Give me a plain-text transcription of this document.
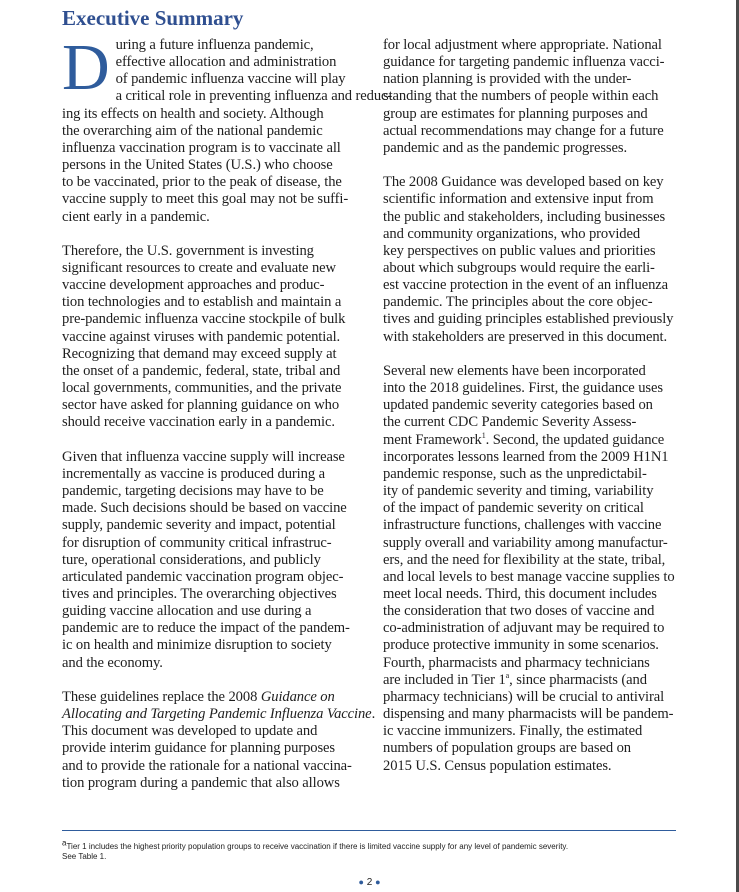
Executive Summary

D uring a future influenza pandemic,
effective allocation and administration
of pandemic influenza vaccine will play
a critical role in preventing influenza and reduc-
ing its effects on health and society. Although
the overarching aim of the national pandemic
influenza vaccination program is to vaccinate all
persons in the United States (U.S.) who choose
to be vaccinated, prior to the peak of disease, the
vaccine supply to meet this goal may not be suffi-
cient early in a pandemic.

Therefore, the U.S. government is investing
significant resources to create and evaluate new
vaccine development approaches and produc-
tion technologies and to establish and maintain a
pre-pandemic influenza vaccine stockpile of bulk
vaccine against viruses with pandemic potential.
Recognizing that demand may exceed supply at
the onset of a pandemic, federal, state, tribal and
local governments, communities, and the private
sector have asked for planning guidance on who
should receive vaccination early in a pandemic.

Given that influenza vaccine supply will increase
incrementally as vaccine is produced during a
pandemic, targeting decisions may have to be
made. Such decisions should be based on vaccine
supply, pandemic severity and impact, potential
for disruption of community critical infrastruc-
ture, operational considerations, and publicly
articulated pandemic vaccination program objec-
tives and principles. The overarching objectives
guiding vaccine allocation and use during a
pandemic are to reduce the impact of the pandem-
ic on health and minimize disruption to society
and the economy.

These guidelines replace the 2008 Guidance on
Allocating and Targeting Pandemic Influenza Vaccine.
This document was developed to update and
provide interim guidance for planning purposes
and to provide the rationale for a national vaccina-
tion program during a pandemic that also allows

for local adjustment where appropriate. National
guidance for targeting pandemic influenza vacci-
nation planning is provided with the under-
standing that the numbers of people within each
group are estimates for planning purposes and
actual recommendations may change for a future
pandemic and as the pandemic progresses.

The 2008 Guidance was developed based on key
scientific information and extensive input from
the public and stakeholders, including businesses
and community organizations, who provided
key perspectives on public values and priorities
about which subgroups would require the earli-
est vaccine protection in the event of an influenza
pandemic. The principles about the core objec-
tives and guiding principles established previously
with stakeholders are preserved in this document.

Several new elements have been incorporated
into the 2018 guidelines. First, the guidance uses
updated pandemic severity categories based on
the current CDC Pandemic Severity Assess-
ment Framework$^1$. Second, the updated guidance
incorporates lessons learned from the 2009 H1N1
pandemic response, such as the unpredictabil-
ity of pandemic severity and timing, variability
of the impact of pandemic severity on critical
infrastructure functions, challenges with vaccine
supply overall and variability among manufactur-
ers, and the need for flexibility at the state, tribal,
and local levels to best manage vaccine supplies to
meet local needs. Third, this document includes
the consideration that two doses of vaccine and
co-administration of adjuvant may be required to
produce protective immunity in some scenarios.
Fourth, pharmacists and pharmacy technicians
are included in Tier 1$^a$, since pharmacists (and
pharmacy technicians) will be crucial to antiviral
dispensing and many pharmacists will be pandem-
ic vaccine immunizers. Finally, the estimated
numbers of population groups are based on
2015 U.S. Census population estimates.

$^a$Tier 1 includes the highest priority population groups to receive vaccination if there is limited vaccine supply for any level of pandemic severity.
See Table 1.
● 2 ●
